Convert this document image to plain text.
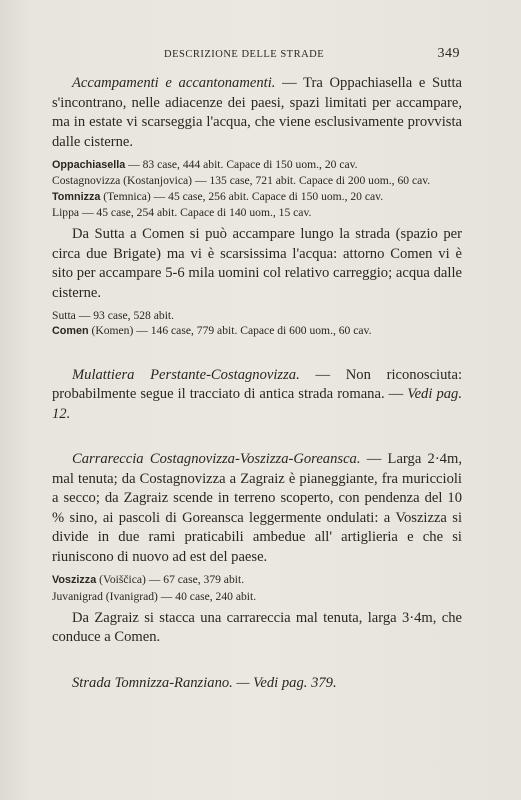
DESCRIZIONE DELLE STRADE	349

Accampamenti e accantonamenti. — Tra Oppachiasella e Sutta s'incontrano, nelle adiacenze dei paesi, spazi limitati per accampare, ma in estate vi scarseggia l'acqua, che viene esclusivamente provvista dalle cisterne.

Oppachiasella — 83 case, 444 abit. Capace di 150 uom., 20 cav.

Costagnovizza (Kostanjovica) — 135 case, 721 abit. Capace di 200 uom., 60 cav.

Tomnizza (Temnica) — 45 case, 256 abit. Capace di 150 uom., 20 cav.

Lippa — 45 case, 254 abit. Capace di 140 uom., 15 cav.

Da Sutta a Comen si può accampare lungo la strada (spazio per circa due Brigate) ma vi è scarsissima l'acqua: attorno Comen vi è sito per accampare 5-6 mila uomini col relativo carreggio; acqua dalle cisterne.

Sutta — 93 case, 528 abit.

Comen (Komen) — 146 case, 779 abit. Capace di 600 uom., 60 cav.

Mulattiera Perstante-Costagnovizza. — Non riconosciuta: probabilmente segue il tracciato di antica strada romana. — Vedi pag. 12.

Carrareccia Costagnovizza-Voszizza-Goreansca. — Larga 2·4m, mal tenuta; da Costagnovizza a Zagraiz è pianeggiante, fra muriccioli a secco; da Zagraiz scende in terreno scoperto, con pendenza del 10 % sino, ai pascoli di Goreansca leggermente ondulati: a Voszizza si divide in due rami praticabili ambedue all' artiglieria e che si riuniscono di nuovo ad est del paese.

Voszizza (Voiščica) — 67 case, 379 abit.

Juvanigrad (Ivanigrad) — 40 case, 240 abit.

Da Zagraiz si stacca una carrareccia mal tenuta, larga 3·4m, che conduce a Comen.

Strada Tomnizza-Ranziano. — Vedi pag. 379.
